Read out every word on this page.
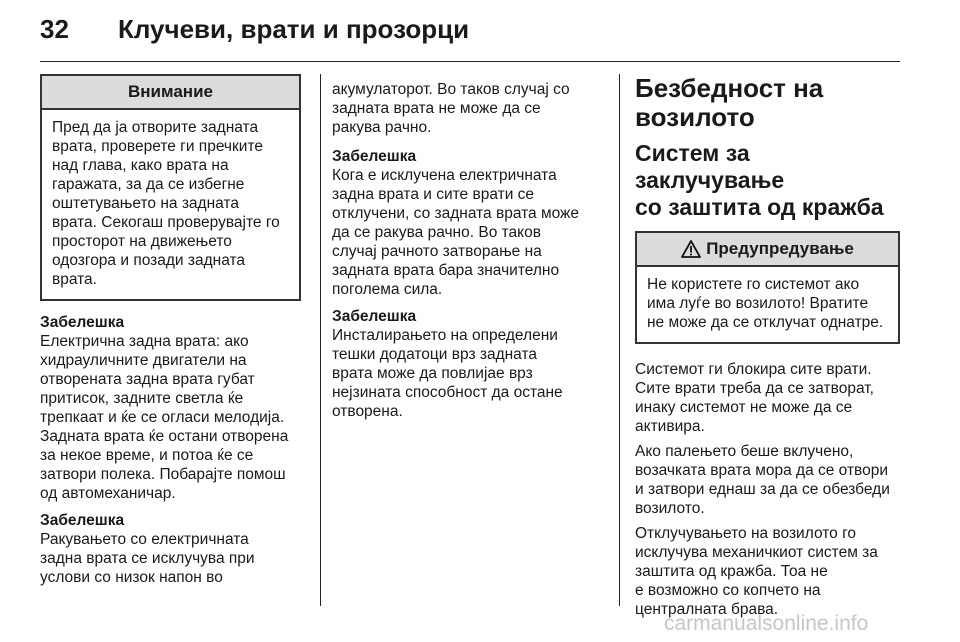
32 Клучеви, врати и прозорци
Внимание
Пред да ја отворите задната
врата, проверете ги пречките
над глава, како врата на
гаражата, за да се избегне
оштетувањето на задната
врата. Секогаш проверувајте го
просторот на движењето
одозгора и позади задната
врата.
Забелешка
Електрична задна врата: ако
хидрауличните двигатели на
отворената задна врата губат
притисок, задните светла ќе
трепкаат и ќе се огласи мелодија.
Задната врата ќе остани отворена
за некое време, и потоа ќе се
затвори полека. Побарајте помош
од автомеханичар.
Забелешка
Ракувањето со електричната
задна врата се исклучува при
услови со низок напон во
акумулаторот. Во таков случај со
задната врата не може да се
ракува рачно.
Забелешка
Кога е исклучена електричната
задна врата и сите врати се
отклучени, со задната врата може
да се ракува рачно. Во таков
случај рачното затворање на
задната врата бара значително
поголема сила.
Забелешка
Инсталирањето на определени
тешки додатоци врз задната
врата може да повлијае врз
нејзината способност да остане
отворена.
Безбедност на
возилото
Систем за заклучување
со заштита од кражба
Предупредување
Не користете го системот ако
има луѓе во возилото! Вратите
не може да се отклучат однатре.
Системот ги блокира сите врати.
Сите врати треба да се затворат,
инаку системот не може да се
активира.
Ако палењето беше вклучено,
возачката врата мора да се отвори
и затвори еднаш за да се обезбеди
возилото.
Отклучувањето на возилото го
исклучува механичкиот систем за
заштита од кражба. Тоа не
е возможно со копчето на
централната брава.
carmanualsonline.info
